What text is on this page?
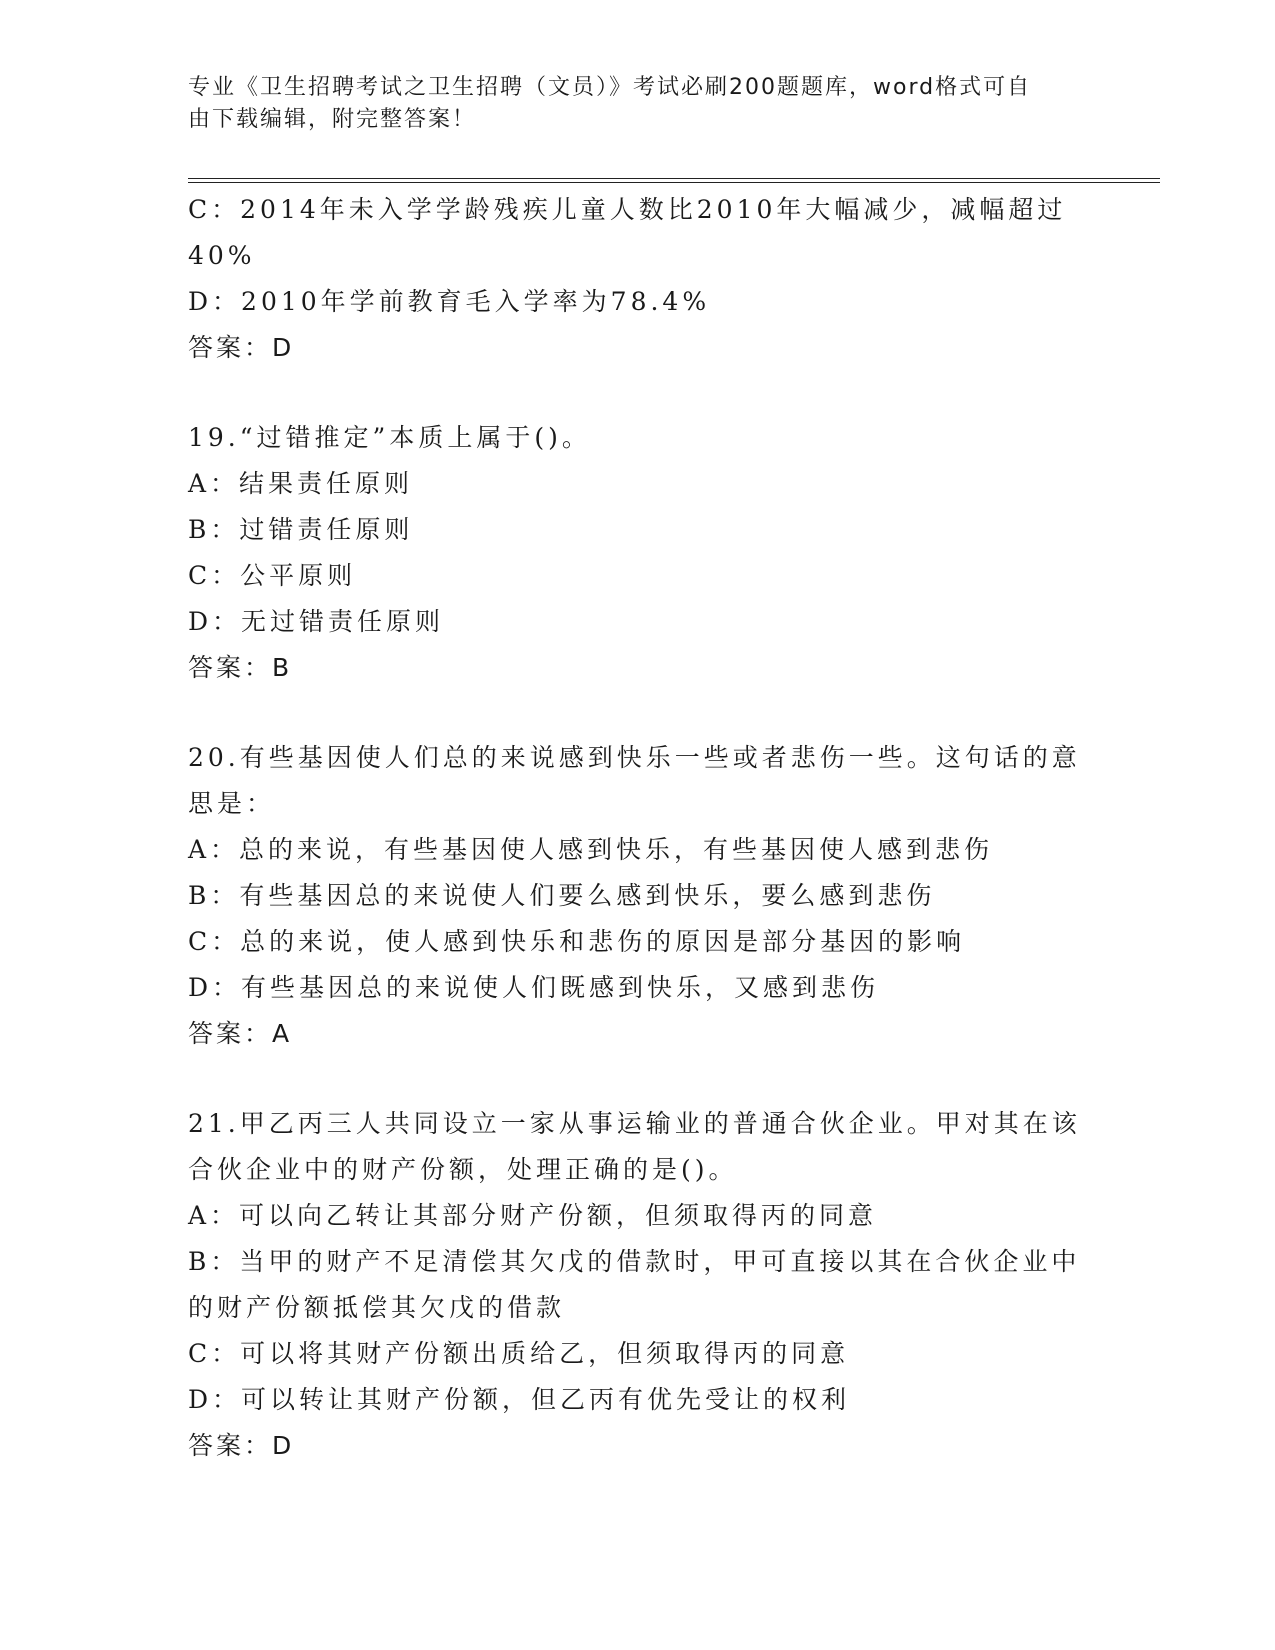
专业《卫生招聘考试之卫生招聘（文员）》考试必刷200题题库，word格式可自
由下载编辑，附完整答案！
C：2014年未入学学龄残疾儿童人数比2010年大幅减少，减幅超过
40%
D：2010年学前教育毛入学率为78.4%
答案：D
19.“过错推定”本质上属于()。
A：结果责任原则
B：过错责任原则
C：公平原则
D：无过错责任原则
答案：B
20.有些基因使人们总的来说感到快乐一些或者悲伤一些。这句话的意
思是：
A：总的来说，有些基因使人感到快乐，有些基因使人感到悲伤
B：有些基因总的来说使人们要么感到快乐，要么感到悲伤
C：总的来说，使人感到快乐和悲伤的原因是部分基因的影响
D：有些基因总的来说使人们既感到快乐，又感到悲伤
答案：A
21.甲乙丙三人共同设立一家从事运输业的普通合伙企业。甲对其在该
合伙企业中的财产份额，处理正确的是()。
A：可以向乙转让其部分财产份额，但须取得丙的同意
B：当甲的财产不足清偿其欠戊的借款时，甲可直接以其在合伙企业中
的财产份额抵偿其欠戊的借款
C：可以将其财产份额出质给乙，但须取得丙的同意
D：可以转让其财产份额，但乙丙有优先受让的权利
答案：D
